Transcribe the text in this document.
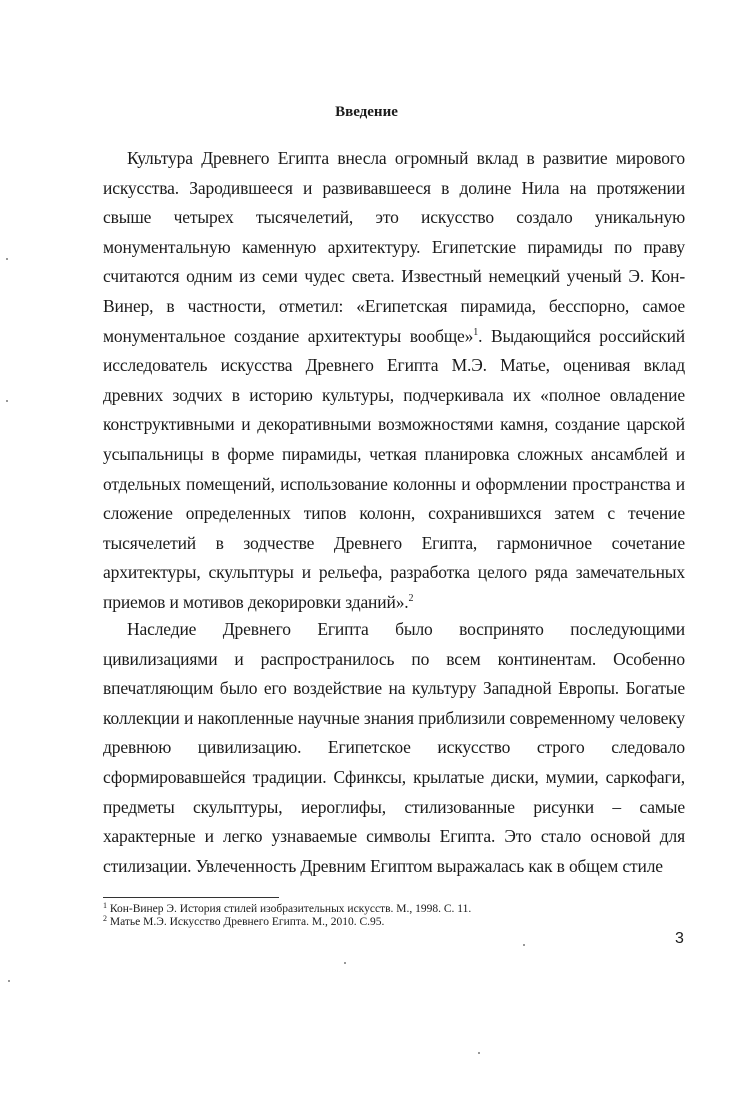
Введение

Культура Древнего Египта внесла огромный вклад в развитие мирового искусства. Зародившееся и развивавшееся в долине Нила на протяжении свыше четырех тысячелетий, это искусство создало уникальную монументальную каменную архитектуру. Египетские пирамиды по праву считаются одним из семи чудес света. Известный немецкий ученый Э. Кон-Винер, в частности, отметил: «Египетская пирамида, бесспорно, самое монументальное создание архитектуры вообще»$^1$. Выдающийся российский исследователь искусства Древнего Египта М.Э. Матье, оценивая вклад древних зодчих в историю культуры, подчеркивала их «полное овладение конструктивными и декоративными возможностями камня, создание царской усыпальницы в форме пирамиды, четкая планировка сложных ансамблей и отдельных помещений, использование колонны и оформлении пространства и сложение определенных типов колонн, сохранившихся затем с течение тысячелетий в зодчестве Древнего Египта, гармоничное сочетание архитектуры, скульптуры и рельефа, разработка целого ряда замечательных приемов и мотивов декорировки зданий».$^2$

Наследие Древнего Египта было воспринято последующими цивилизациями и распространилось по всем континентам. Особенно впечатляющим было его воздействие на культуру Западной Европы. Богатые коллекции и накопленные научные знания приблизили современному человеку древнюю цивилизацию. Египетское искусство строго следовало сформировавшейся традиции. Сфинксы, крылатые диски, мумии, саркофаги, предметы скульптуры, иероглифы, стилизованные рисунки – самые характерные и легко узнаваемые символы Египта. Это стало основой для стилизации. Увлеченность Древним Египтом выражалась как в общем стиле

$^1$ Кон-Винер Э. История стилей изобразительных искусств. М., 1998. С. 11.
$^2$ Матье М.Э. Искусство Древнего Египта. М., 2010. С.95.
3
